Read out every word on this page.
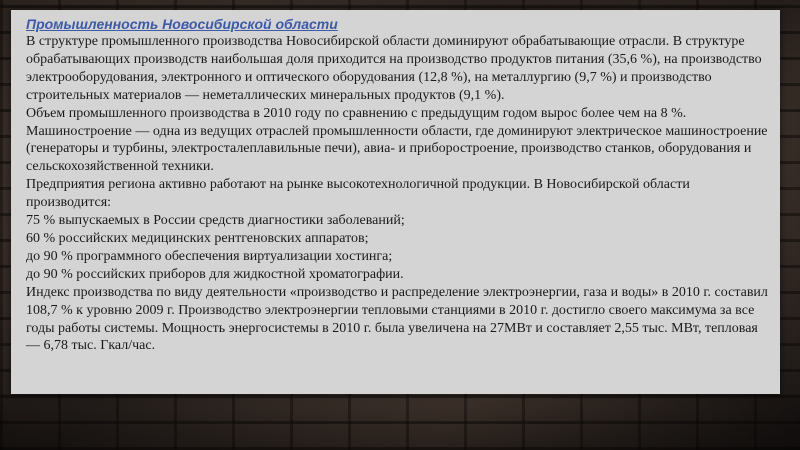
Промышленность Новосибирской области

В структуре промышленного производства Новосибирской области доминируют обрабатывающие отрасли. В структуре обрабатывающих производств наибольшая доля приходится на производство продуктов питания (35,6 %), на производство электрооборудования, электронного и оптического оборудования (12,8 %), на металлургию (9,7 %) и производство строительных материалов — неметаллических минеральных продуктов (9,1 %).

Объем промышленного производства в 2010 году по сравнению с предыдущим годом вырос более чем на 8 %.

Машиностроение — одна из ведущих отраслей промышленности области, где доминируют электрическое машиностроение (генераторы и турбины, электросталеплавильные печи), авиа- и приборостроение, производство станков, оборудования и сельскохозяйственной техники.

Предприятия региона активно работают на рынке высокотехнологичной продукции. В Новосибирской области производится:

75 % выпускаемых в России средств диагностики заболеваний;

60 % российских медицинских рентгеновских аппаратов;

до 90 % программного обеспечения виртуализации хостинга;

до 90 % российских приборов для жидкостной хроматографии.

Индекс производства по виду деятельности «производство и распределение электроэнергии, газа и воды» в 2010 г. составил 108,7 % к уровню 2009 г. Производство электроэнергии тепловыми станциями в 2010 г. достигло своего максимума за все годы работы системы. Мощность энергосистемы в 2010 г. была увеличена на 27МВт и составляет 2,55 тыс. МВт, тепловая — 6,78 тыс. Гкал/час.
